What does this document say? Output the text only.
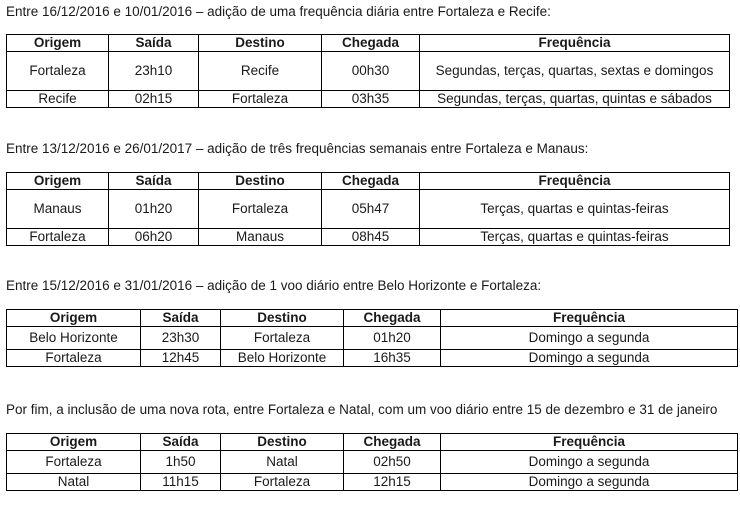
Entre 16/12/2016 e 10/01/2016 – adição de uma frequência diária entre Fortaleza e Recife:
Origem	Saída	Destino	Chegada	Frequência
Fortaleza	23h10	Recife	00h30	Segundas, terças, quartas, sextas e domingos
Recife	02h15	Fortaleza	03h35	Segundas, terças, quartas, quintas e sábados
Entre 13/12/2016 e 26/01/2017 – adição de três frequências semanais entre Fortaleza e Manaus:
Origem	Saída	Destino	Chegada	Frequência
Manaus	01h20	Fortaleza	05h47	Terças, quartas e quintas-feiras
Fortaleza	06h20	Manaus	08h45	Terças, quartas e quintas-feiras
Entre 15/12/2016 e 31/01/2016 – adição de 1 voo diário entre Belo Horizonte e Fortaleza:
Origem	Saída	Destino	Chegada	Frequência
Belo Horizonte	23h30	Fortaleza	01h20	Domingo a segunda
Fortaleza	12h45	Belo Horizonte	16h35	Domingo a segunda
Por fim, a inclusão de uma nova rota, entre Fortaleza e Natal, com um voo diário entre 15 de dezembro e 31 de janeiro
Origem	Saída	Destino	Chegada	Frequência
Fortaleza	1h50	Natal	02h50	Domingo a segunda
Natal	11h15	Fortaleza	12h15	Domingo a segunda
